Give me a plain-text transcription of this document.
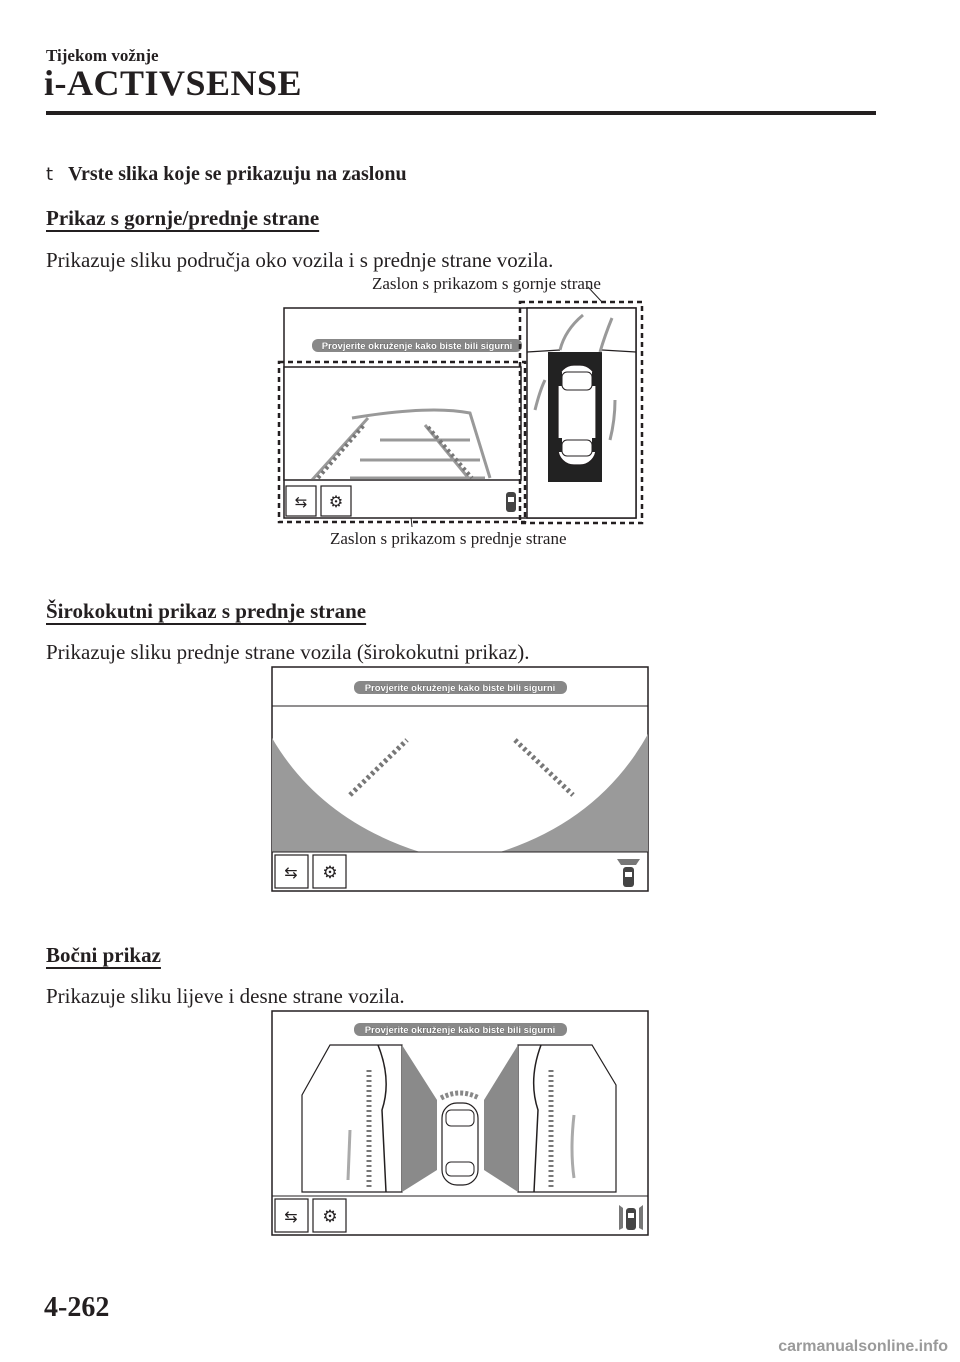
Tijekom vožnje
i-ACTIVSENSE
t Vrste slika koje se prikazuju na zaslonu
Prikaz s gornje/prednje strane
Prikazuje sliku područja oko vozila i s prednje strane vozila.
Zaslon s prikazom s gornje strane
Zaslon s prikazom s prednje strane
Provjerite okruženje kako biste bili sigurni
⇆ ⚙
Širokokutni prikaz s prednje strane
Prikazuje sliku prednje strane vozila (širokokutni prikaz).
Provjerite okruženje kako biste bili sigurni
⇆ ⚙
Bočni prikaz
Prikazuje sliku lijeve i desne strane vozila.
Provjerite okruženje kako biste bili sigurni
⇆ ⚙
4-262
carmanualsonline.info
